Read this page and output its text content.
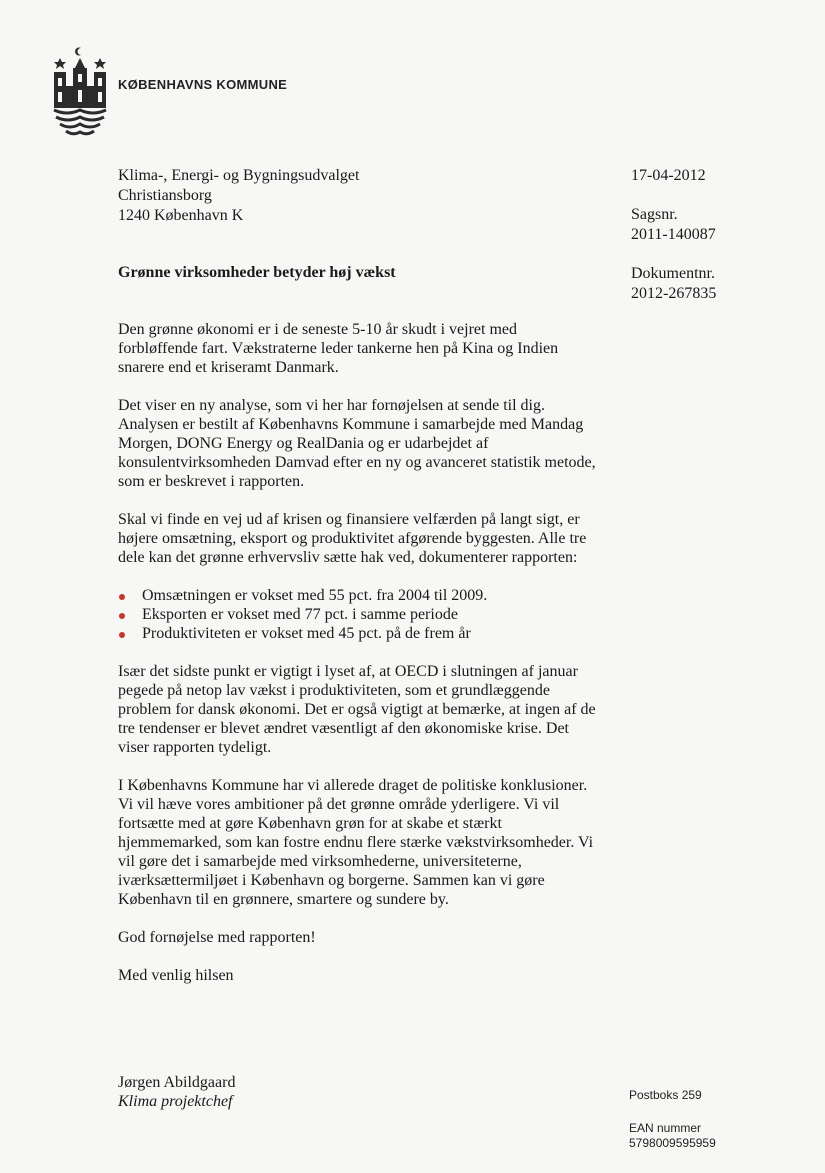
KØBENHAVNS KOMMUNE
Klima-, Energi- og Bygningsudvalget
Christiansborg
1240 København K
17-04-2012
Sagsnr.
2011-140087
Dokumentnr.
2012-267835
Grønne virksomheder betyder høj vækst

Den grønne økonomi er i de seneste 5-10 år skudt i vejret med forbløffende fart. Vækstraterne leder tankerne hen på Kina og Indien snarere end et kriseramt Danmark.

Det viser en ny analyse, som vi her har fornøjelsen at sende til dig. Analysen er bestilt af Københavns Kommune i samarbejde med Mandag Morgen, DONG Energy og RealDania og er udarbejdet af konsulentvirksomheden Damvad efter en ny og avanceret statistik metode, som er beskrevet i rapporten.

Skal vi finde en vej ud af krisen og finansiere velfærden på langt sigt, er højere omsætning, eksport og produktivitet afgørende byggesten. Alle tre dele kan det grønne erhvervsliv sætte hak ved, dokumenterer rapporten:

Omsætningen er vokset med 55 pct. fra 2004 til 2009.
Eksporten er vokset med 77 pct. i samme periode
Produktiviteten er vokset med 45 pct. på de frem år

Især det sidste punkt er vigtigt i lyset af, at OECD i slutningen af januar pegede på netop lav vækst i produktiviteten, som et grundlæggende problem for dansk økonomi. Det er også vigtigt at bemærke, at ingen af de tre tendenser er blevet ændret væsentligt af den økonomiske krise. Det viser rapporten tydeligt.

I Københavns Kommune har vi allerede draget de politiske konklusioner. Vi vil hæve vores ambitioner på det grønne område yderligere. Vi vil fortsætte med at gøre København grøn for at skabe et stærkt hjemmemarked, som kan fostre endnu flere stærke vækstvirksomheder. Vi vil gøre det i samarbejde med virksomhederne, universiteterne, iværksættermiljøet i København og borgerne. Sammen kan vi gøre København til en grønnere, smartere og sundere by.

God fornøjelse med rapporten!

Med venlig hilsen

Jørgen Abildgaard
Klima projektchef	Postboks 259
EAN nummer
5798009595959
